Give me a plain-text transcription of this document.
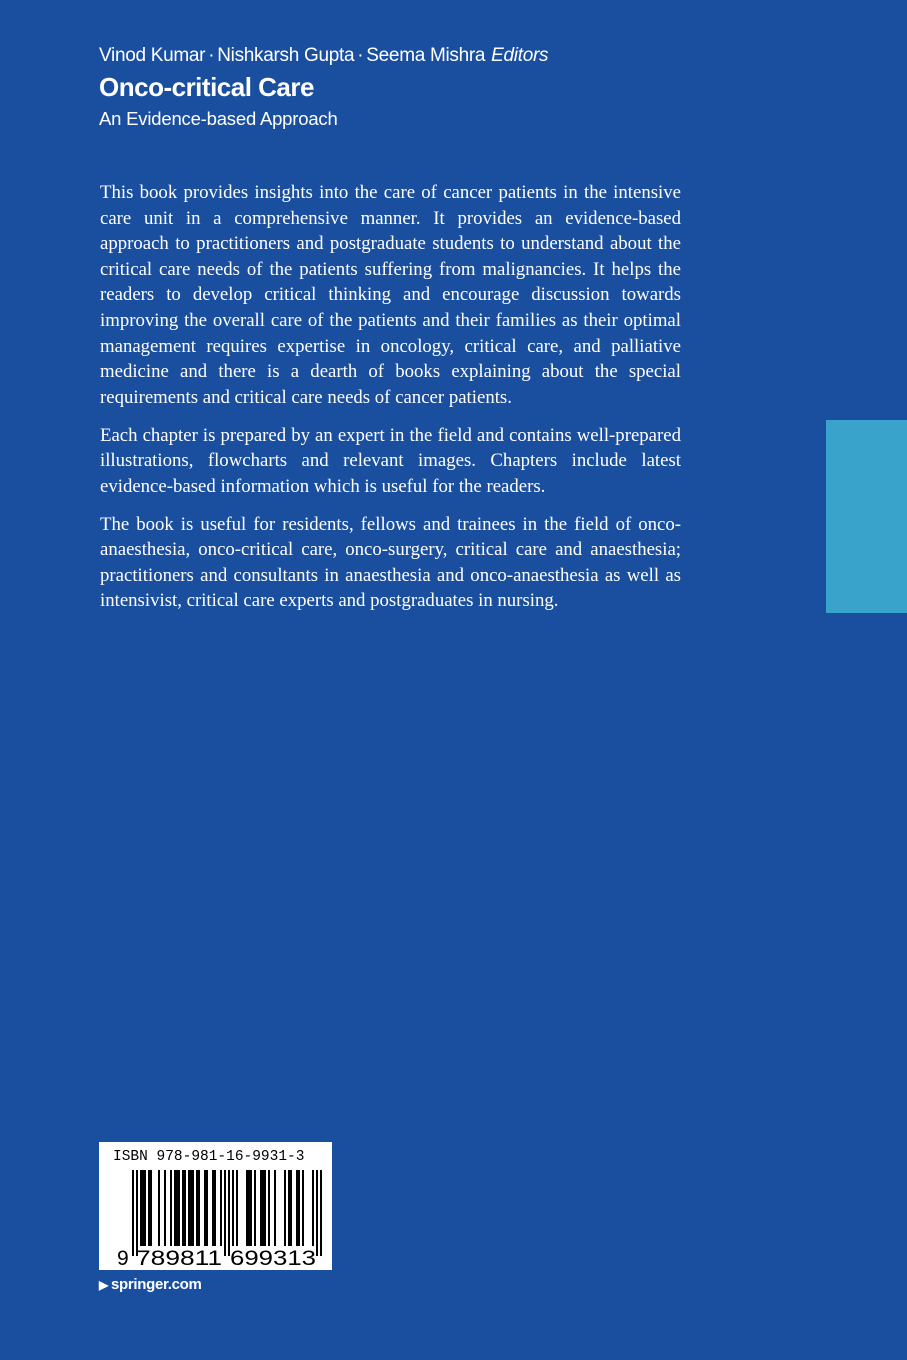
Vinod Kumar · Nishkarsh Gupta · Seema Mishra Editors
Onco-critical Care
An Evidence-based Approach

This book provides insights into the care of cancer patients in the intensive care unit in a comprehensive manner. It provides an evidence-based approach to practitioners and postgraduate students to understand about the critical care needs of the patients suffering from malignancies. It helps the readers to develop critical thinking and encourage discussion towards improving the overall care of the patients and their families as their optimal management requires expertise in oncology, critical care, and palliative medicine and there is a dearth of books explaining about the special requirements and critical care needs of cancer patients.

Each chapter is prepared by an expert in the field and contains well-prepared illustrations, flowcharts and relevant images. Chapters include latest evidence-based information which is useful for the readers.

The book is useful for residents, fellows and trainees in the field of onco-anaesthesia, onco-critical care, onco-surgery, critical care and anaesthesia; practitioners and consultants in anaesthesia and onco-anaesthesia as well as intensivist, critical care experts and postgraduates in nursing.

ISBN 978-981-16-9931-3
9 789811 699313
▶ springer.com
